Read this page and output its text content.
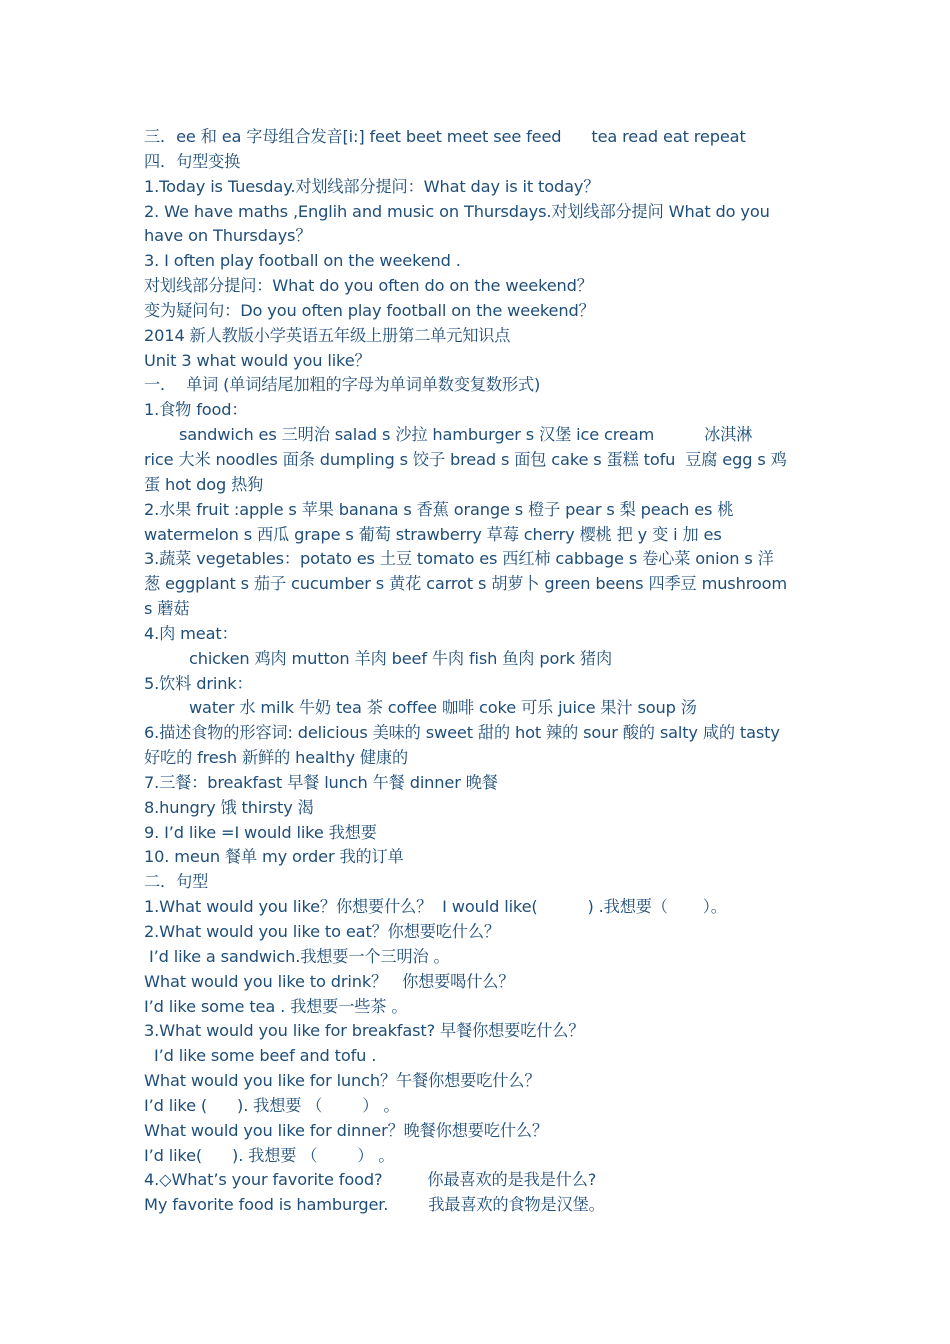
三．ee 和 ea 字母组合发音[i:] feet beet meet see feed      tea read eat repeat
四．句型变换
1.Today is Tuesday.对划线部分提问：What day is it today？
2. We have maths ,Englih and music on Thursdays.对划线部分提问 What do you
have on Thursdays？
3. I often play football on the weekend .
对划线部分提问：What do you often do on the weekend？
变为疑问句：Do you often play football on the weekend？
2014 新人教版小学英语五年级上册第二单元知识点
Unit 3 what would you like？
一．  单词 (单词结尾加粗的字母为单词单数变复数形式)
1.食物 food：
sandwich es 三明治 salad s 沙拉 hamburger s 汉堡 ice cream          冰淇淋
rice 大米 noodles 面条 dumpling s 饺子 bread s 面包 cake s 蛋糕 tofu  豆腐 egg s 鸡
蛋 hot dog 热狗
2.水果 fruit :apple s 苹果 banana s 香蕉 orange s 橙子 pear s 梨 peach es 桃
watermelon s 西瓜 grape s 葡萄 strawberry 草莓 cherry 樱桃 把 y 变 i 加 es
3.蔬菜 vegetables：potato es 土豆 tomato es 西红柿 cabbage s 卷心菜 onion s 洋
葱 eggplant s 茄子 cucumber s 黄花 carrot s 胡萝卜 green beens 四季豆 mushroom
s 蘑菇
4.肉 meat：
chicken 鸡肉 mutton 羊肉 beef 牛肉 fish 鱼肉 pork 猪肉
5.饮料 drink：
water 水 milk 牛奶 tea 茶 coffee 咖啡 coke 可乐 juice 果汁 soup 汤
6.描述食物的形容词: delicious 美味的 sweet 甜的 hot 辣的 sour 酸的 salty 咸的 tasty
好吃的 fresh 新鲜的 healthy 健康的
7.三餐：breakfast 早餐 lunch 午餐 dinner 晚餐
8.hungry 饿 thirsty 渴
9. I’d like =I would like 我想要
10. meun 餐单 my order 我的订单
二．句型
1.What would you like？你想要什么？  I would like(          ) .我想要（       ）。
2.What would you like to eat？你想要吃什么？
I’d like a sandwich.我想要一个三明治 。
What would you like to drink？   你想要喝什么？
I’d like some tea . 我想要一些茶 。
3.What would you like for breakfast? 早餐你想要吃什么？
I’d like some beef and tofu .
What would you like for lunch？午餐你想要吃什么？
I’d like (      ). 我想要 （        ） 。
What would you like for dinner？晚餐你想要吃什么？
I’d like(      ). 我想要 （        ） 。
4.◇What’s your favorite food?         你最喜欢的是我是什么?
My favorite food is hamburger.        我最喜欢的食物是汉堡。
